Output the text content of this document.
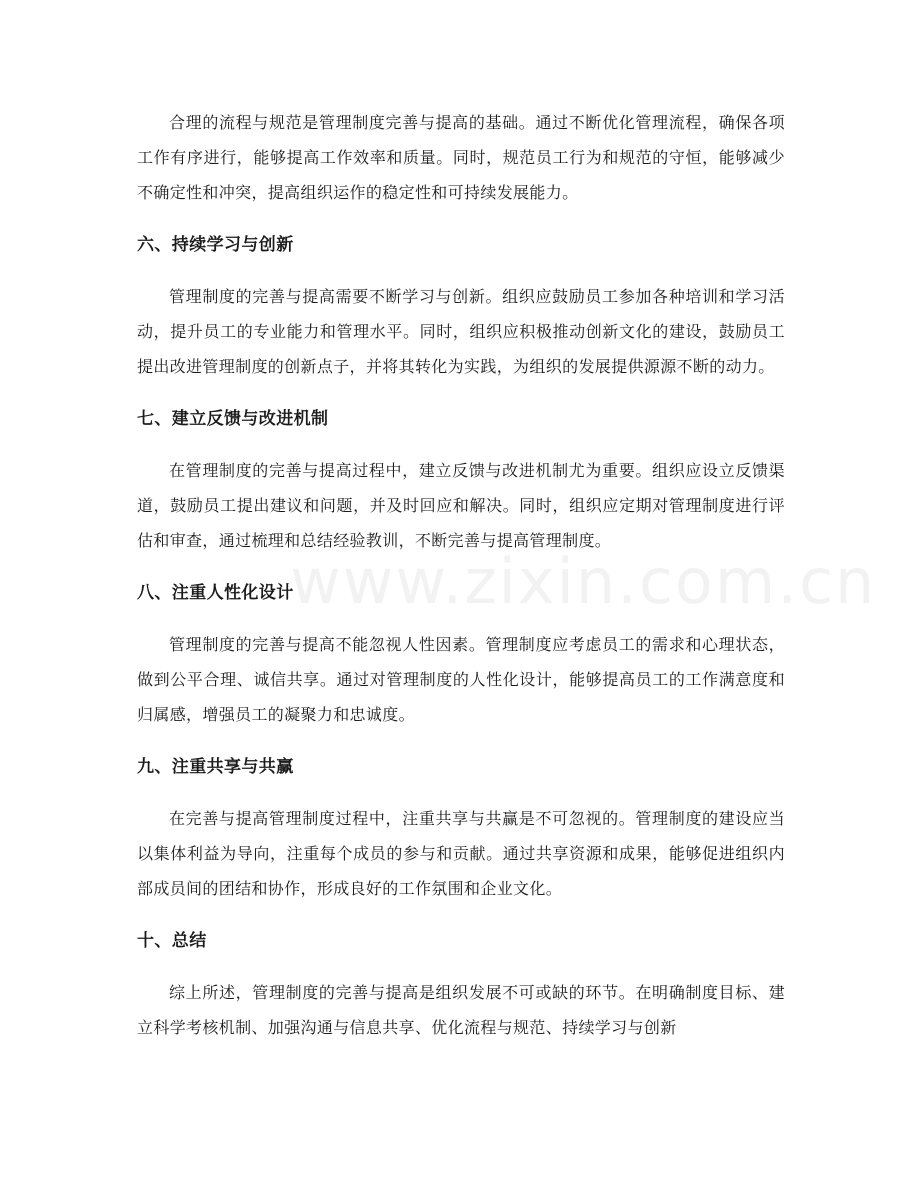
www.zixin.com.cn

合理的流程与规范是管理制度完善与提高的基础。通过不断优化管理流程，确保各项工作有序进行，能够提高工作效率和质量。同时，规范员工行为和规范的守恒，能够减少不确定性和冲突，提高组织运作的稳定性和可持续发展能力。

六、持续学习与创新

管理制度的完善与提高需要不断学习与创新。组织应鼓励员工参加各种培训和学习活动，提升员工的专业能力和管理水平。同时，组织应积极推动创新文化的建设，鼓励员工提出改进管理制度的创新点子，并将其转化为实践，为组织的发展提供源源不断的动力。

七、建立反馈与改进机制

在管理制度的完善与提高过程中，建立反馈与改进机制尤为重要。组织应设立反馈渠道，鼓励员工提出建议和问题，并及时回应和解决。同时，组织应定期对管理制度进行评估和审查，通过梳理和总结经验教训，不断完善与提高管理制度。

八、注重人性化设计

管理制度的完善与提高不能忽视人性因素。管理制度应考虑员工的需求和心理状态，做到公平合理、诚信共享。通过对管理制度的人性化设计，能够提高员工的工作满意度和归属感，增强员工的凝聚力和忠诚度。

九、注重共享与共赢

在完善与提高管理制度过程中，注重共享与共赢是不可忽视的。管理制度的建设应当以集体利益为导向，注重每个成员的参与和贡献。通过共享资源和成果，能够促进组织内部成员间的团结和协作，形成良好的工作氛围和企业文化。

十、总结

综上所述，管理制度的完善与提高是组织发展不可或缺的环节。在明确制度目标、建立科学考核机制、加强沟通与信息共享、优化流程与规范、持续学习与创新
